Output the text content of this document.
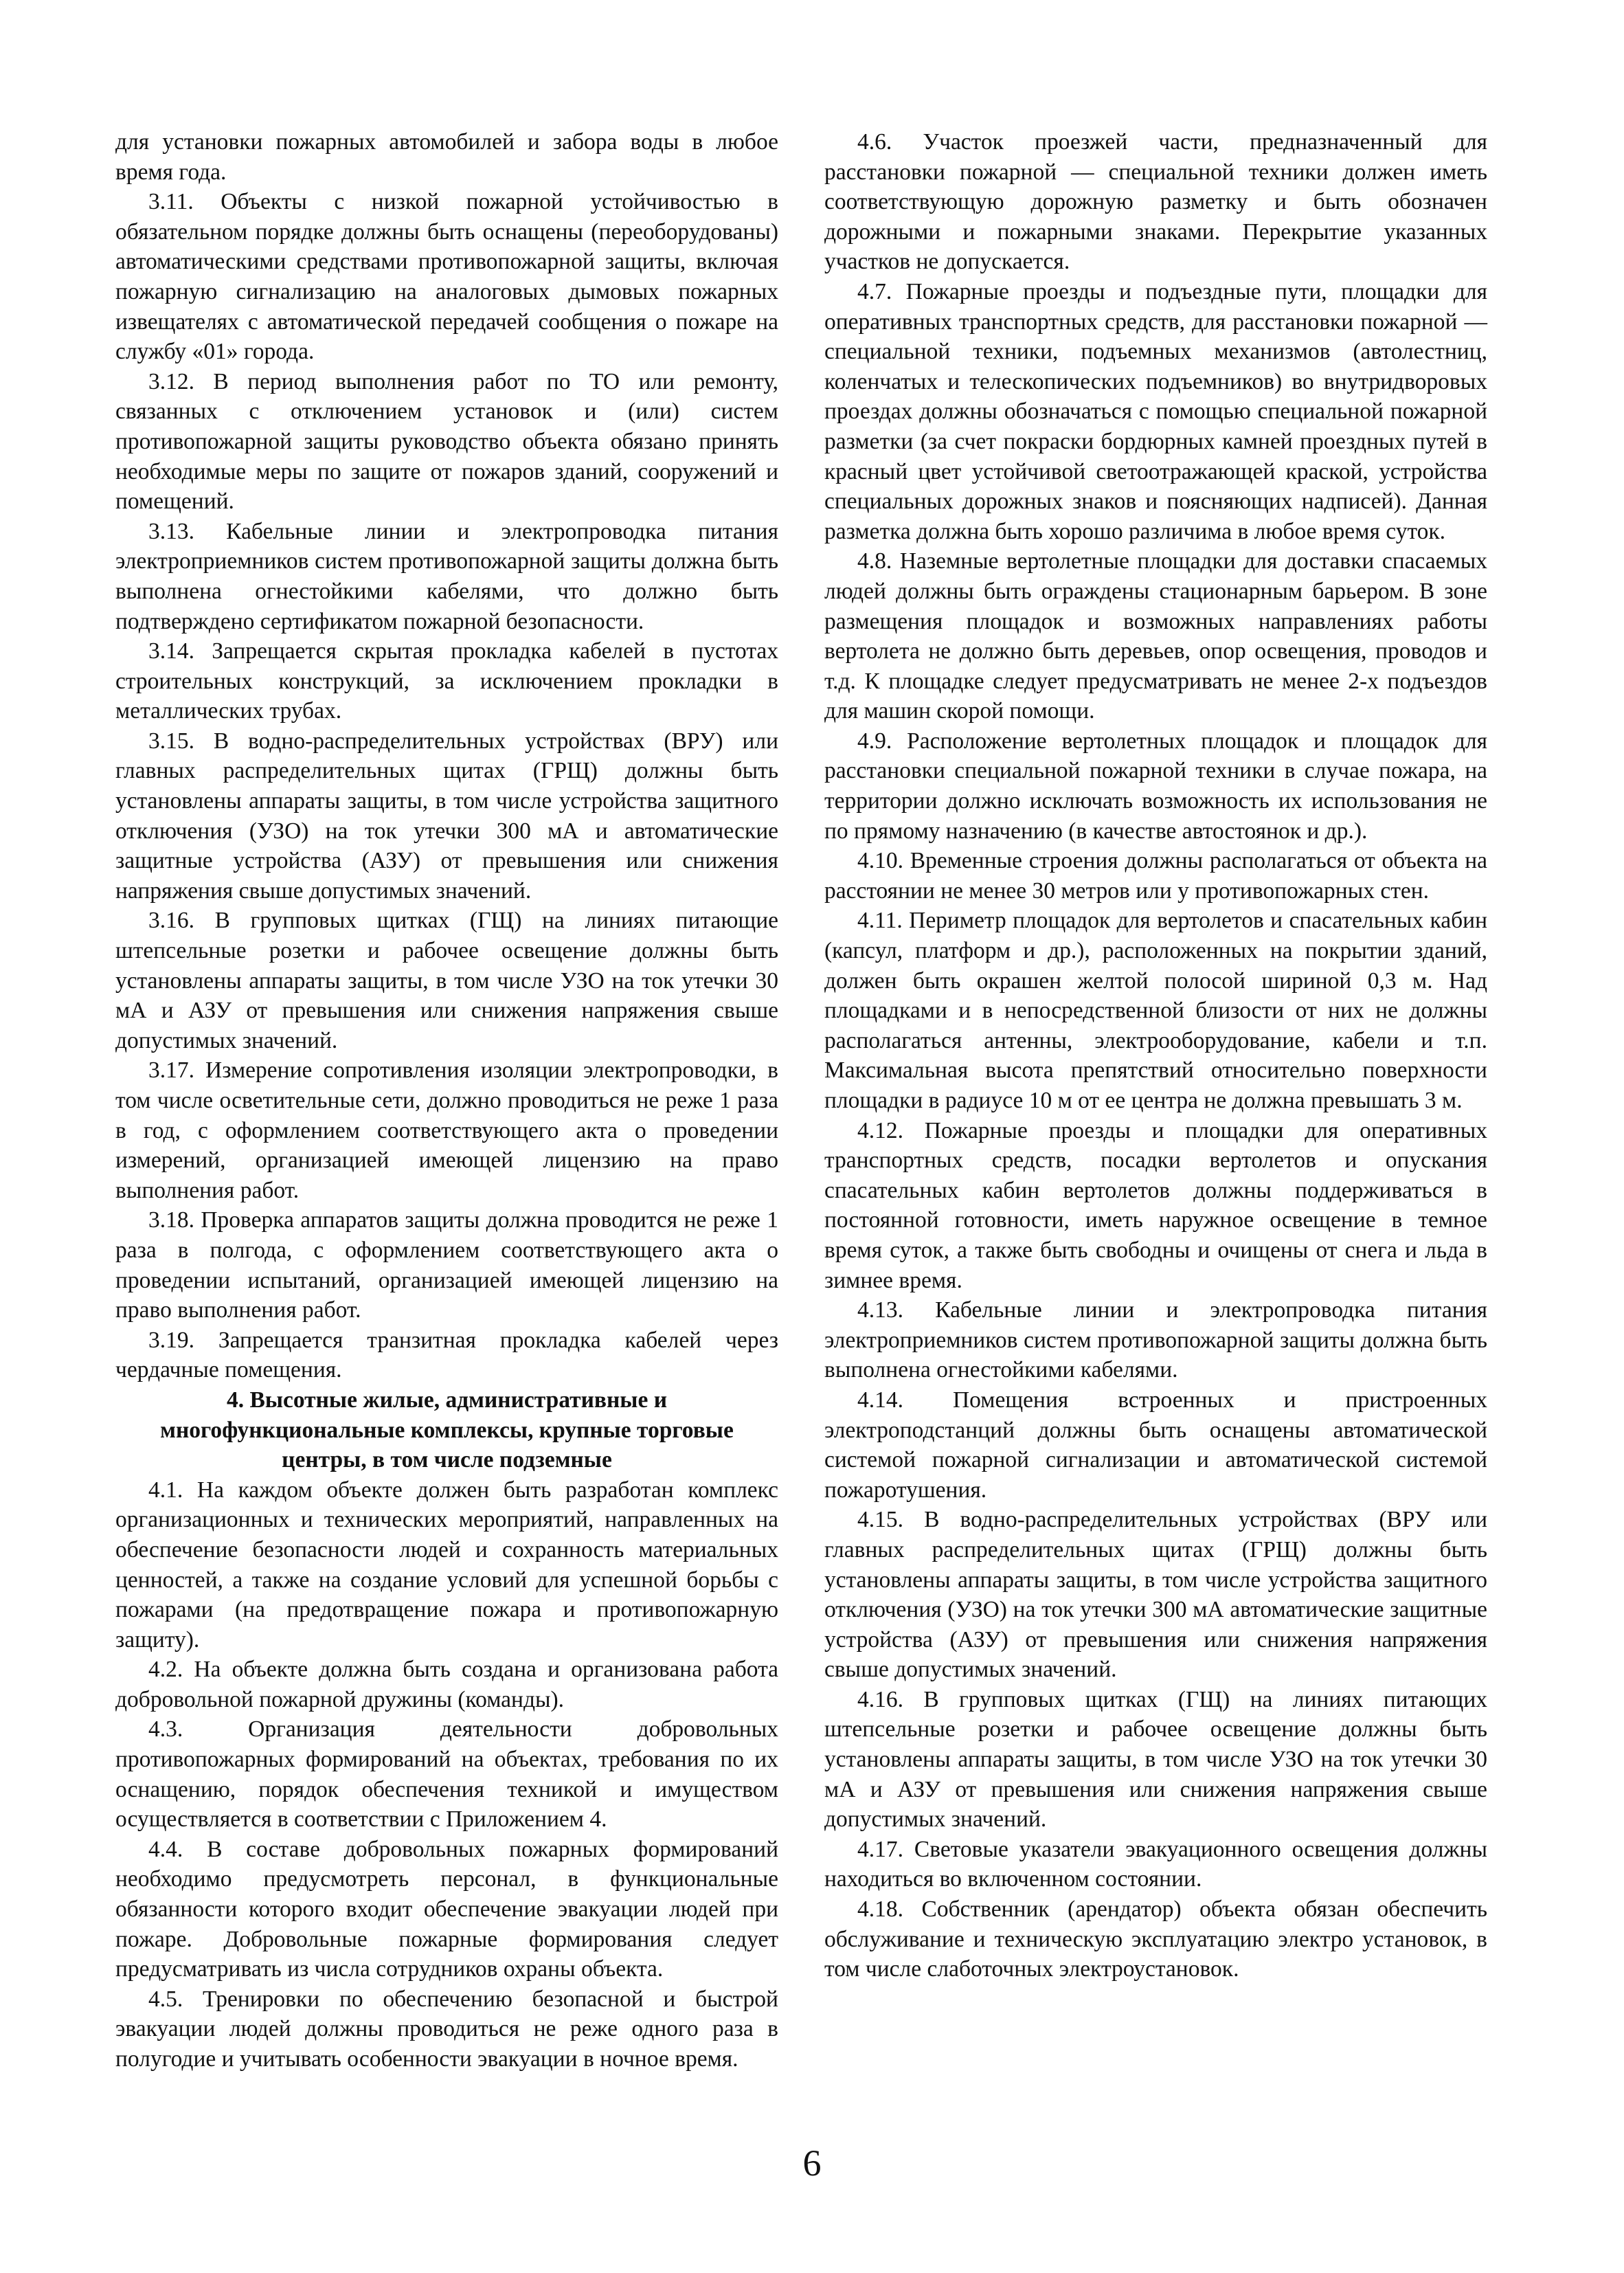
для установки пожарных автомобилей и забора воды в любое время года.

3.11. Объекты с низкой пожарной устойчивостью в обязательном порядке должны быть оснащены (переоборудованы) автоматическими средствами противопожарной защиты, включая пожарную сигнализацию на аналоговых дымовых пожарных извещателях с автоматической передачей сообщения о пожаре на службу «01» города.

3.12. В период выполнения работ по ТО или ремонту, связанных с отключением установок и (или) систем противопожарной защиты руководство объекта обязано принять необходимые меры по защите от пожаров зданий, сооружений и помещений.

3.13. Кабельные линии и электропроводка питания электроприемников систем противопожарной защиты должна быть выполнена огнестойкими кабелями, что должно быть подтверждено сертификатом пожарной безопасности.

3.14. Запрещается скрытая прокладка кабелей в пустотах строительных конструкций, за исключением прокладки в металлических трубах.

3.15. В водно-распределительных устройствах (ВРУ) или главных распределительных щитах (ГРЩ) должны быть установлены аппараты защиты, в том числе устройства защитного отключения (УЗО) на ток утечки 300 мА и автоматические защитные устройства (АЗУ) от превышения или снижения напряжения свыше допустимых значений.

3.16. В групповых щитках (ГЩ) на линиях питающие штепсельные розетки и рабочее освещение должны быть установлены аппараты защиты, в том числе УЗО на ток утечки 30 мА и АЗУ от превышения или снижения напряжения свыше допустимых значений.

3.17. Измерение сопротивления изоляции электропроводки, в том числе осветительные сети, должно проводиться не реже 1 раза в год, с оформлением соответствующего акта о проведении измерений, организацией имеющей лицензию на право выполнения работ.

3.18. Проверка аппаратов защиты должна проводится не реже 1 раза в полгода, с оформлением соответствующего акта о проведении испытаний, организацией имеющей лицензию на право выполнения работ.

3.19. Запрещается транзитная прокладка кабелей через чердачные помещения.

4. Высотные жилые, административные и многофункциональные комплексы, крупные торговые центры, в том числе подземные

4.1. На каждом объекте должен быть разработан комплекс организационных и технических мероприятий, направленных на обеспечение безопасности людей и сохранность материальных ценностей, а также на создание условий для успешной борьбы с пожарами (на предотвращение пожара и противопожарную защиту).

4.2. На объекте должна быть создана и организована работа добровольной пожарной дружины (команды).

4.3. Организация деятельности добровольных противопожарных формирований на объектах, требования по их оснащению, порядок обеспечения техникой и имуществом осуществляется в соответствии с Приложением 4.

4.4. В составе добровольных пожарных формирований необходимо предусмотреть персонал, в функциональные обязанности которого входит обеспечение эвакуации людей при пожаре. Добровольные пожарные формирования следует предусматривать из числа сотрудников охраны объекта.

4.5. Тренировки по обеспечению безопасной и быстрой эвакуации людей должны проводиться не реже одного раза в полугодие и учитывать особенности эвакуации в ночное время.

4.6. Участок проезжей части, предназначенный для расстановки пожарной — специальной техники должен иметь соответствующую дорожную разметку и быть обозначен дорожными и пожарными знаками. Перекрытие указанных участков не допускается.

4.7. Пожарные проезды и подъездные пути, площадки для оперативных транспортных средств, для расстановки пожарной — специальной техники, подъемных механизмов (автолестниц, коленчатых и телескопических подъемников) во внутридворовых проездах должны обозначаться с помощью специальной пожарной разметки (за счет покраски бордюрных камней проездных путей в красный цвет устойчивой светоотражающей краской, устройства специальных дорожных знаков и поясняющих надписей). Данная разметка должна быть хорошо различима в любое время суток.

4.8. Наземные вертолетные площадки для доставки спасаемых людей должны быть ограждены стационарным барьером. В зоне размещения площадок и возможных направлениях работы вертолета не должно быть деревьев, опор освещения, проводов и т.д. К площадке следует предусматривать не менее 2-х подъездов для машин скорой помощи.

4.9. Расположение вертолетных площадок и площадок для расстановки специальной пожарной техники в случае пожара, на территории должно исключать возможность их использования не по прямому назначению (в качестве автостоянок и др.).

4.10. Временные строения должны располагаться от объекта на расстоянии не менее 30 метров или у противопожарных стен.

4.11. Периметр площадок для вертолетов и спасательных кабин (капсул, платформ и др.), расположенных на покрытии зданий, должен быть окрашен желтой полосой шириной 0,3 м. Над площадками и в непосредственной близости от них не должны располагаться антенны, электрооборудование, кабели и т.п. Максимальная высота препятствий относительно поверхности площадки в радиусе 10 м от ее центра не должна превышать 3 м.

4.12. Пожарные проезды и площадки для оперативных транспортных средств, посадки вертолетов и опускания спасательных кабин вертолетов должны поддерживаться в постоянной готовности, иметь наружное освещение в темное время суток, а также быть свободны и очищены от снега и льда в зимнее время.

4.13. Кабельные линии и электропроводка питания электроприемников систем противопожарной защиты должна быть выполнена огнестойкими кабелями.

4.14. Помещения встроенных и пристроенных электроподстанций должны быть оснащены автоматической системой пожарной сигнализации и автоматической системой пожаротушения.

4.15. В водно-распределительных устройствах (ВРУ или главных распределительных щитах (ГРЩ) должны быть установлены аппараты защиты, в том числе устройства защитного отключения (УЗО) на ток утечки 300 мА автоматические защитные устройства (АЗУ) от превышения или снижения напряжения свыше допустимых значений.

4.16. В групповых щитках (ГЩ) на линиях питающих штепсельные розетки и рабочее освещение должны быть установлены аппараты защиты, в том числе УЗО на ток утечки 30 мА и АЗУ от превышения или снижения напряжения свыше допустимых значений.

4.17. Световые указатели эвакуационного освещения должны находиться во включенном состоянии.

4.18. Собственник (арендатор) объекта обязан обеспечить обслуживание и техническую эксплуатацию электро установок, в том числе слаботочных электроустановок.

6
